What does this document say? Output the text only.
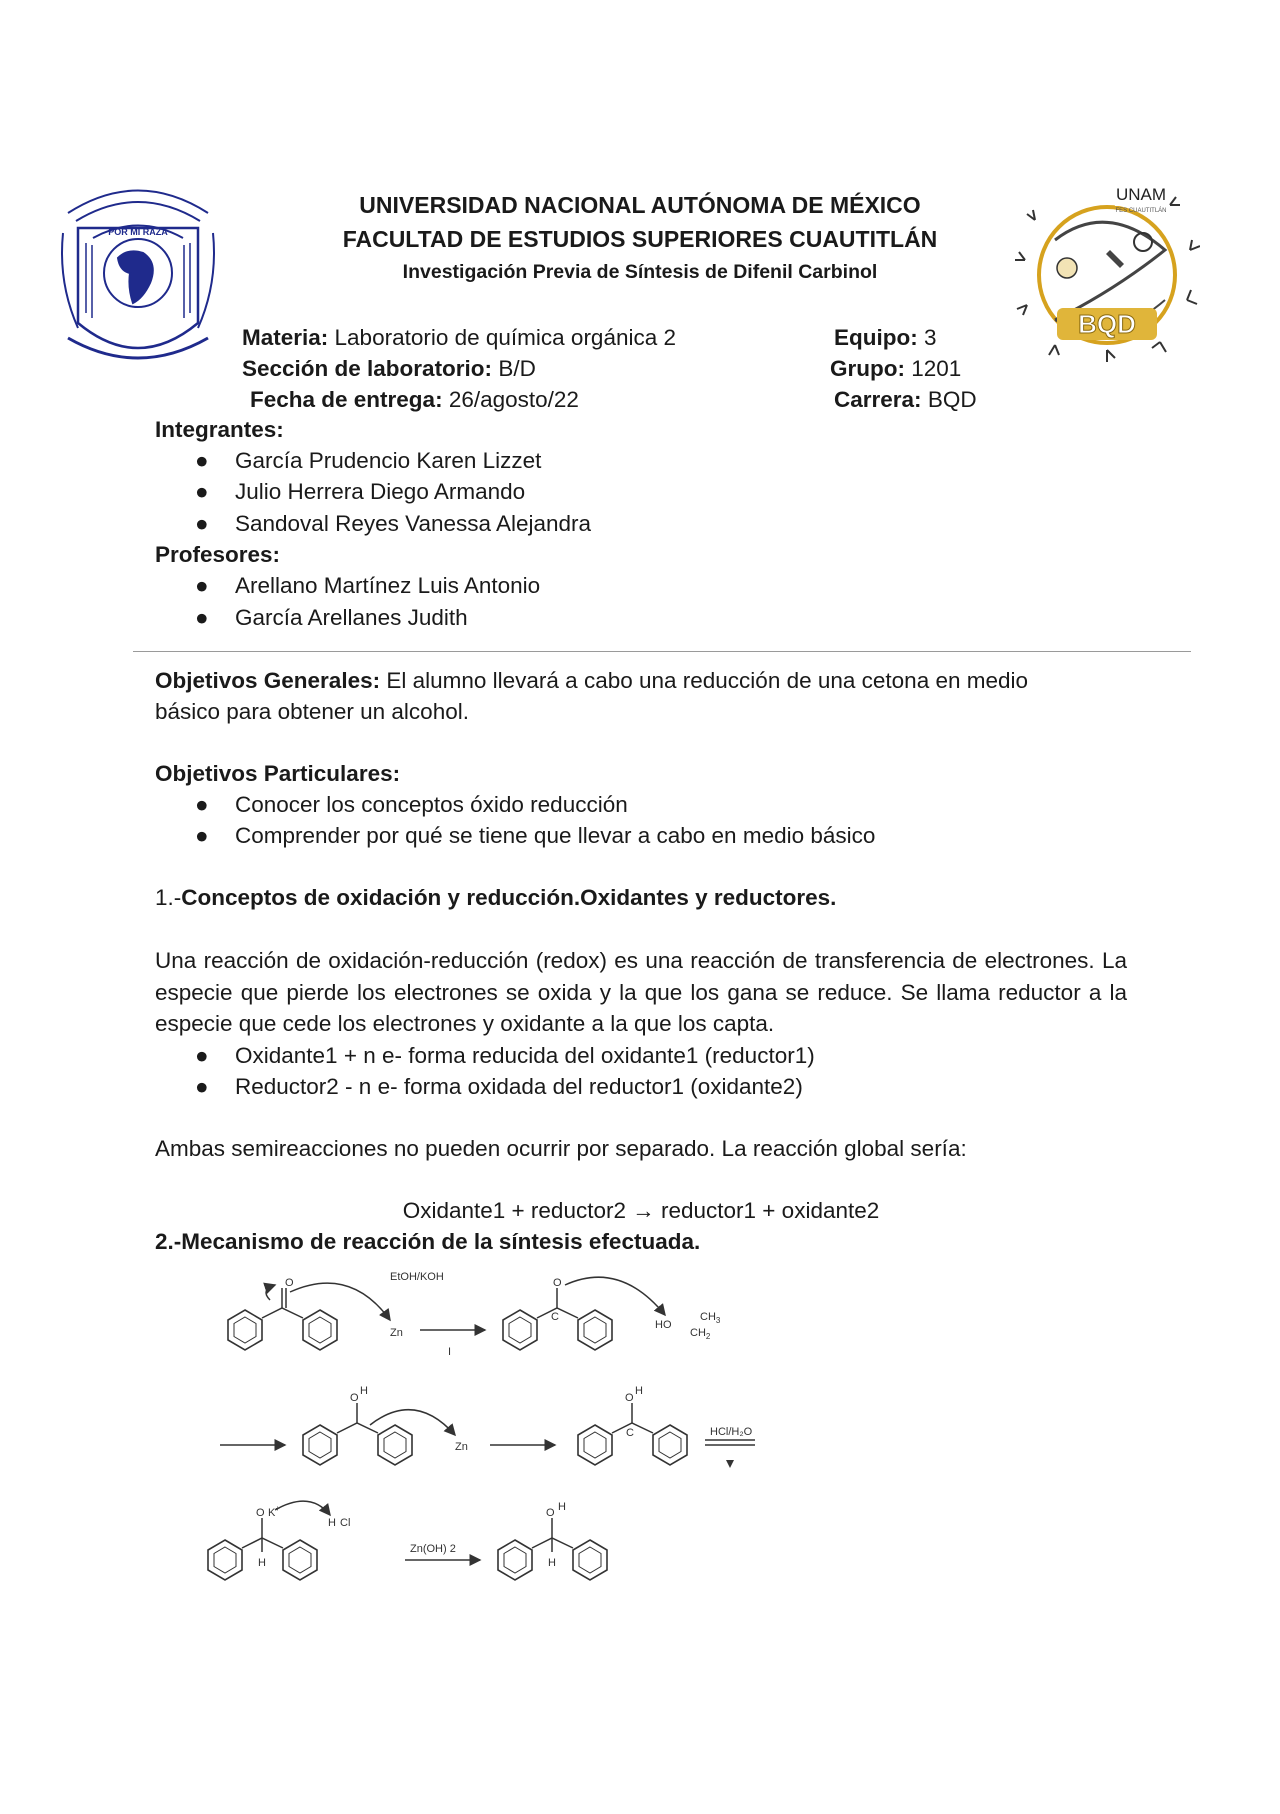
POR MI RAZA
UNAM
FES CUAUTITLÁN
BQD
UNIVERSIDAD NACIONAL AUTÓNOMA DE MÉXICO
FACULTAD DE ESTUDIOS SUPERIORES CUAUTITLÁN
Investigación Previa de Síntesis de Difenil Carbinol
Materia: Laboratorio de química orgánica 2	Equipo: 3
Sección de laboratorio: B/D	Grupo: 1201
Fecha de entrega: 26/agosto/22	Carrera: BQD
Integrantes:
● García Prudencio Karen Lizzet
● Julio Herrera Diego Armando
● Sandoval Reyes Vanessa Alejandra
Profesores:
● Arellano Martínez Luis Antonio
● García Arellanes Judith
Objetivos Generales: El alumno llevará a cabo una reducción de una cetona en medio
básico para obtener un alcohol.
Objetivos Particulares:
● Conocer los conceptos óxido reducción
● Comprender por qué se tiene que llevar a cabo en medio básico
1.-Conceptos de oxidación y reducción.Oxidantes y reductores.
Una reacción de oxidación-reducción (redox) es una reacción de transferencia de electrones. La especie que pierde los electrones se oxida y la que los gana se reduce. Se llama reductor a la especie que cede los electrones y oxidante a la que los capta.
● Oxidante1 + n e- forma reducida del oxidante1 (reductor1)
● Reductor2 - n e- forma oxidada del reductor1 (oxidante2)
Ambas semireacciones no pueden ocurrir por separado. La reacción global sería:
Oxidante1 + reductor2 → reductor1 + oxidante2
2.-Mecanismo de reacción de la síntesis efectuada.
EtOH/KOH
O
Zn
I
O
C
HO
$CH_2$
$CH_3$
O
H
Zn
O
H
C	HCl/H₂O
O K+
H
H Cl
Zn(OH) 2
O H
H
